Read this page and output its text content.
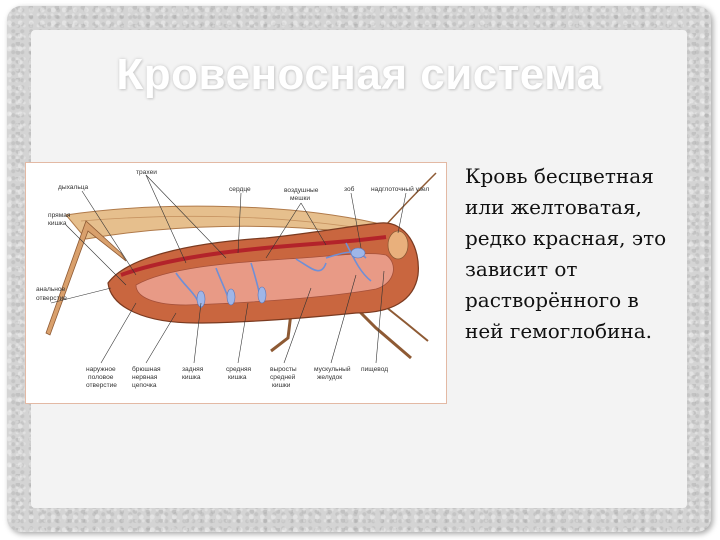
Кровеносная система
трахеи
дыхальца	сердце	воздушные
мешки
зоб	надглоточный узел
прямая
кишка
анальное
отверстие
наружное
половое
отверстие
брюшная
нервная
цепочка
задняя
кишка
средняя
кишка
выросты
средней
кишки
мускульный
желудок
пищевод
Кровь бесцветная
или желтоватая,
редко красная, это
зависит от
растворённого в
ней гемоглобина.
